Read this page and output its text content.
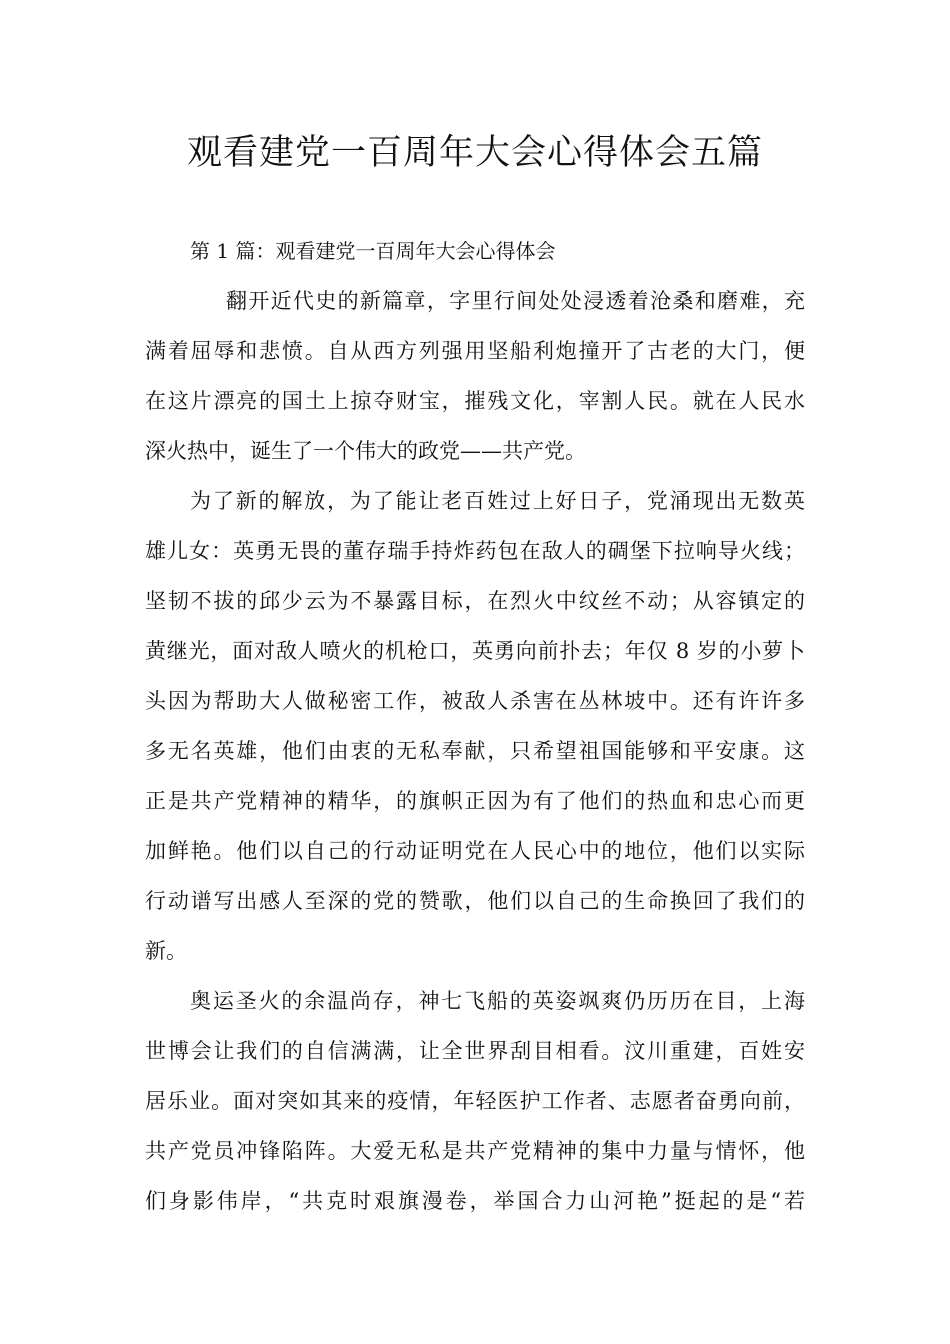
观看建党一百周年大会心得体会五篇

第 1 篇：观看建党一百周年大会心得体会

翻开近代史的新篇章，字里行间处处浸透着沧桑和磨难，充
满着屈辱和悲愤。自从西方列强用坚船利炮撞开了古老的大门，便
在这片漂亮的国土上掠夺财宝，摧残文化，宰割人民。就在人民水
深火热中，诞生了一个伟大的政党——共产党。
为了新的解放，为了能让老百姓过上好日子，党涌现出无数英
雄儿女：英勇无畏的董存瑞手持炸药包在敌人的碉堡下拉响导火线；
坚韧不拔的邱少云为不暴露目标，在烈火中纹丝不动；从容镇定的
黄继光，面对敌人喷火的机枪口，英勇向前扑去；年仅 8 岁的小萝卜
头因为帮助大人做秘密工作，被敌人杀害在丛林坡中。还有许许多
多无名英雄，他们由衷的无私奉献，只希望祖国能够和平安康。这
正是共产党精神的精华，的旗帜正因为有了他们的热血和忠心而更
加鲜艳。他们以自己的行动证明党在人民心中的地位，他们以实际
行动谱写出感人至深的党的赞歌，他们以自己的生命换回了我们的
新。
奥运圣火的余温尚存，神七飞船的英姿飒爽仍历历在目，上海
世博会让我们的自信满满，让全世界刮目相看。汶川重建，百姓安
居乐业。面对突如其来的疫情，年轻医护工作者、志愿者奋勇向前，
共产党员冲锋陷阵。大爱无私是共产党精神的集中力量与情怀，他
们身影伟岸，“共克时艰旗漫卷，举国合力山河艳”挺起的是“若
